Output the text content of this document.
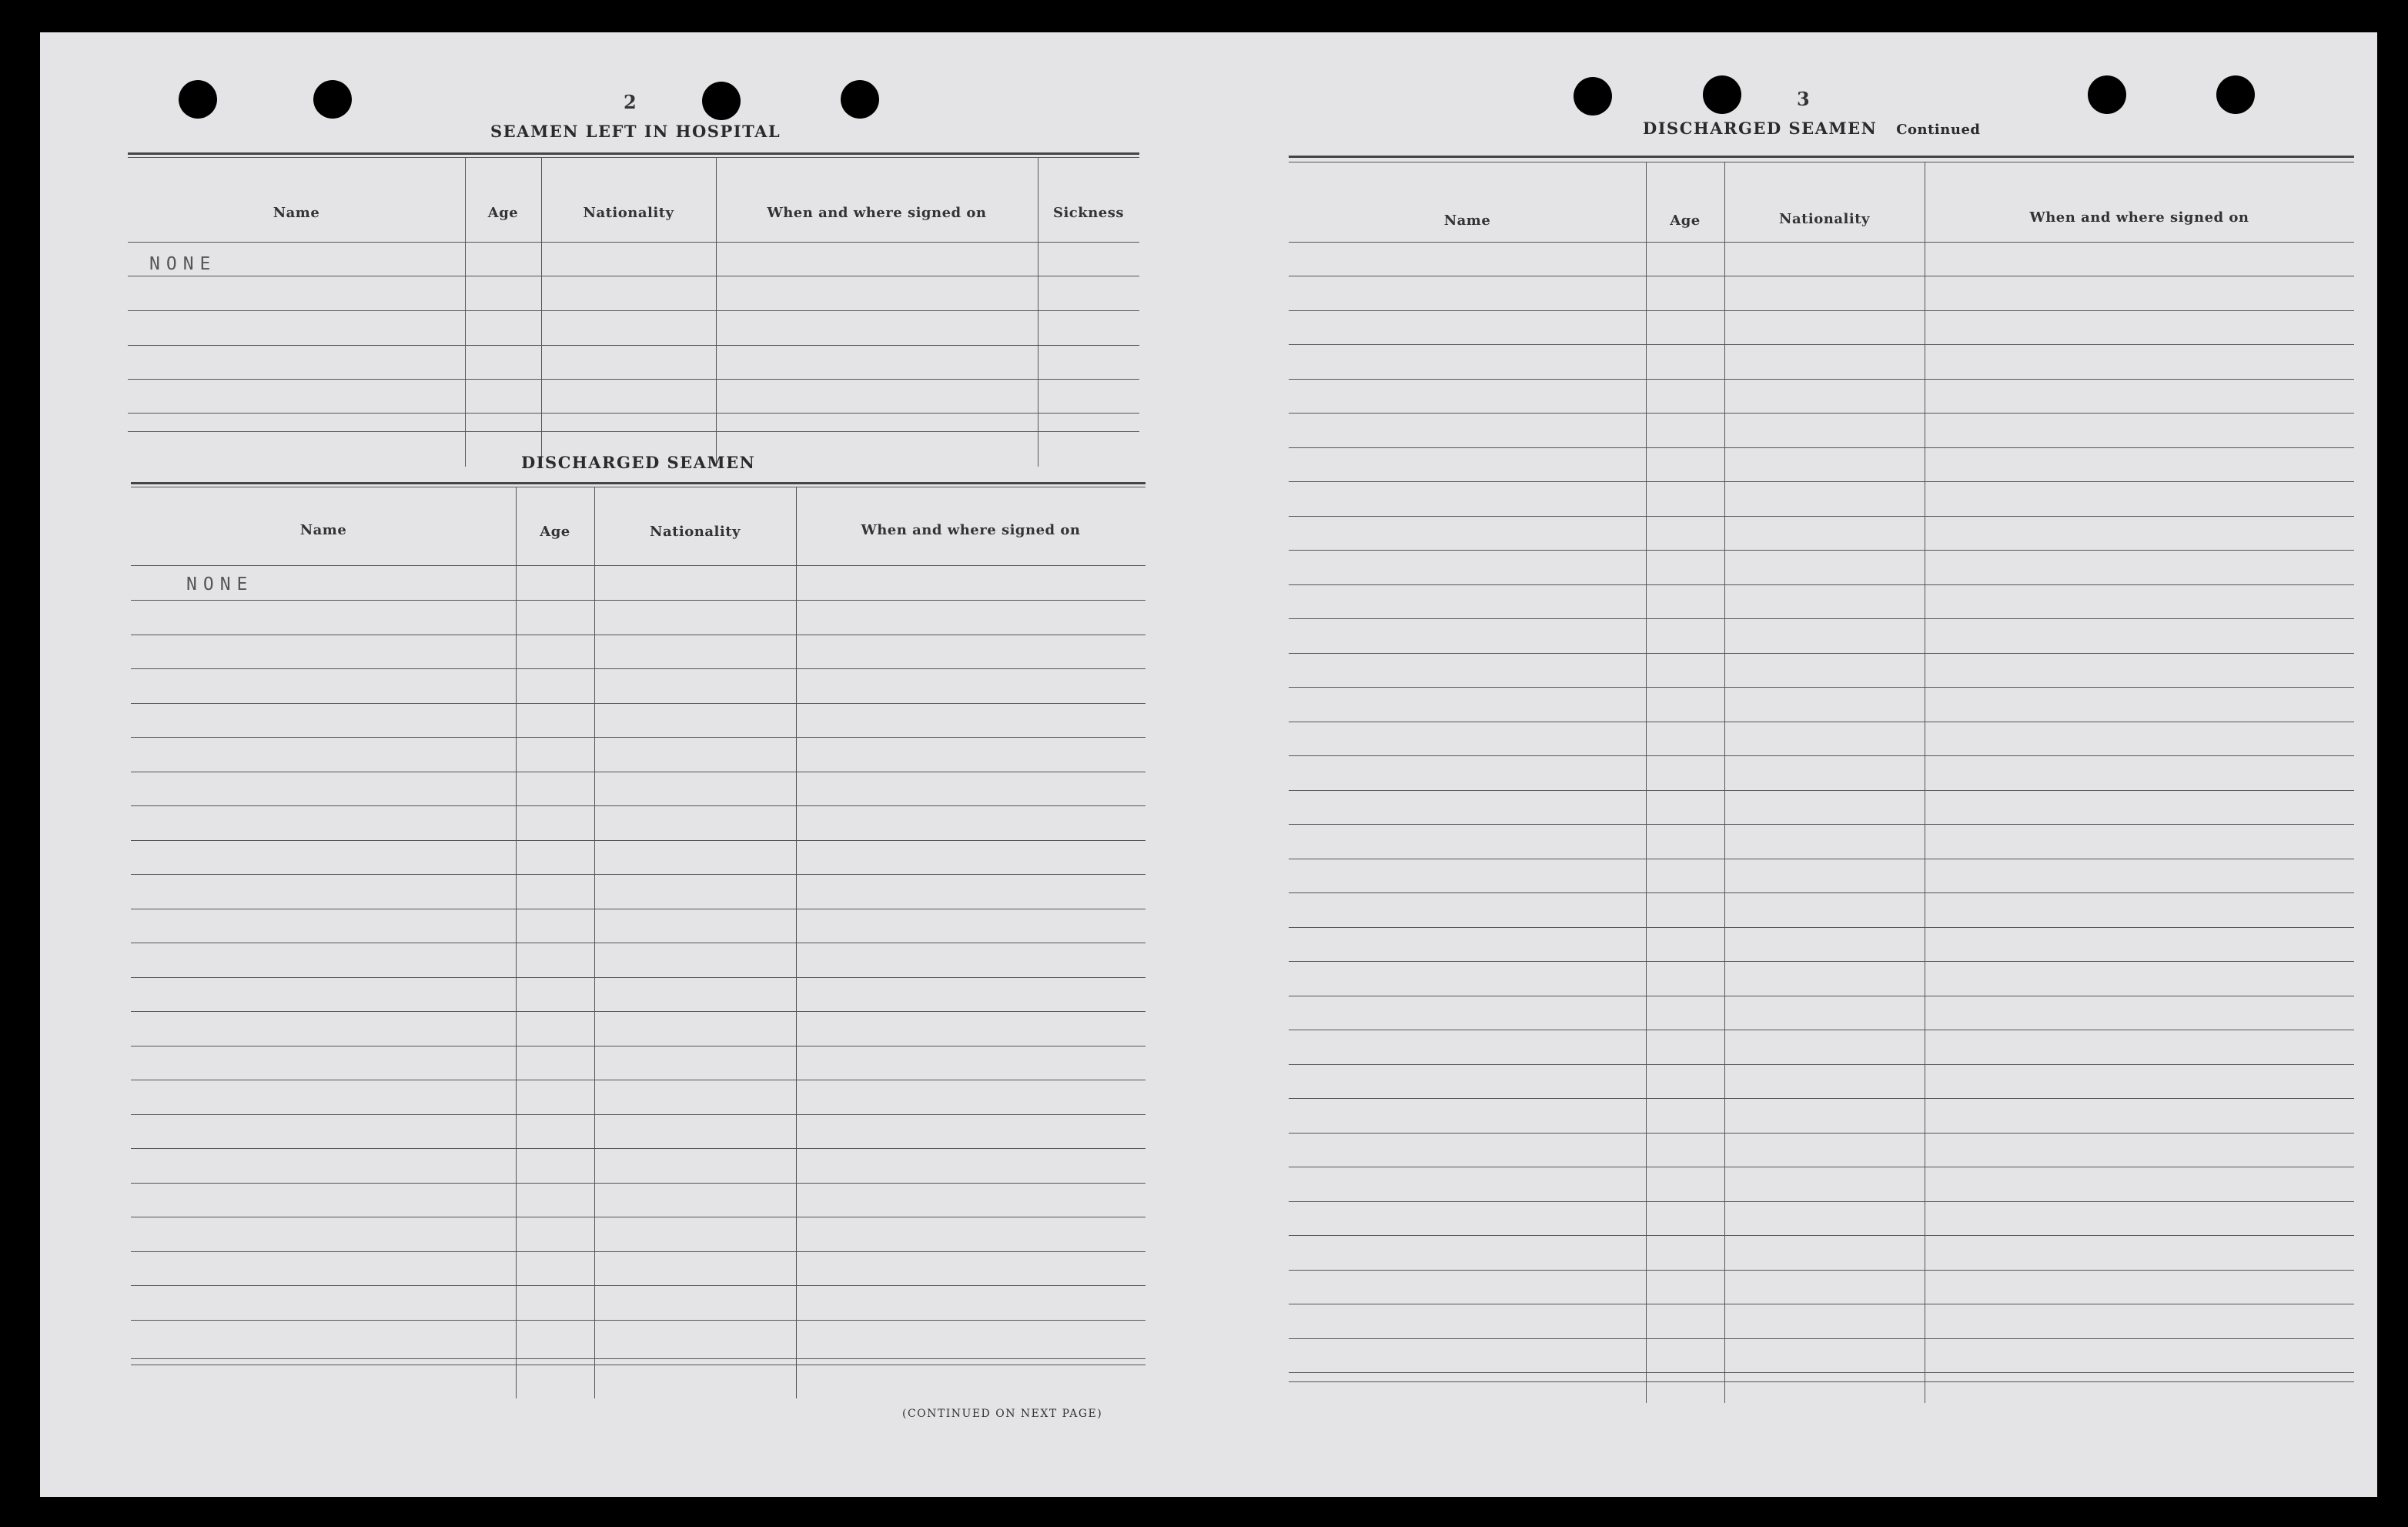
2
SEAMEN LEFT IN HOSPITAL
Name	Age	Nationality	When and where signed on	Sickness
NONE
DISCHARGED SEAMEN
Name	Age	Nationality	When and where signed on
NONE
(CONTINUED ON NEXT PAGE)
3
DISCHARGED SEAMEN Continued
Name	Age	Nationality	When and where signed on
